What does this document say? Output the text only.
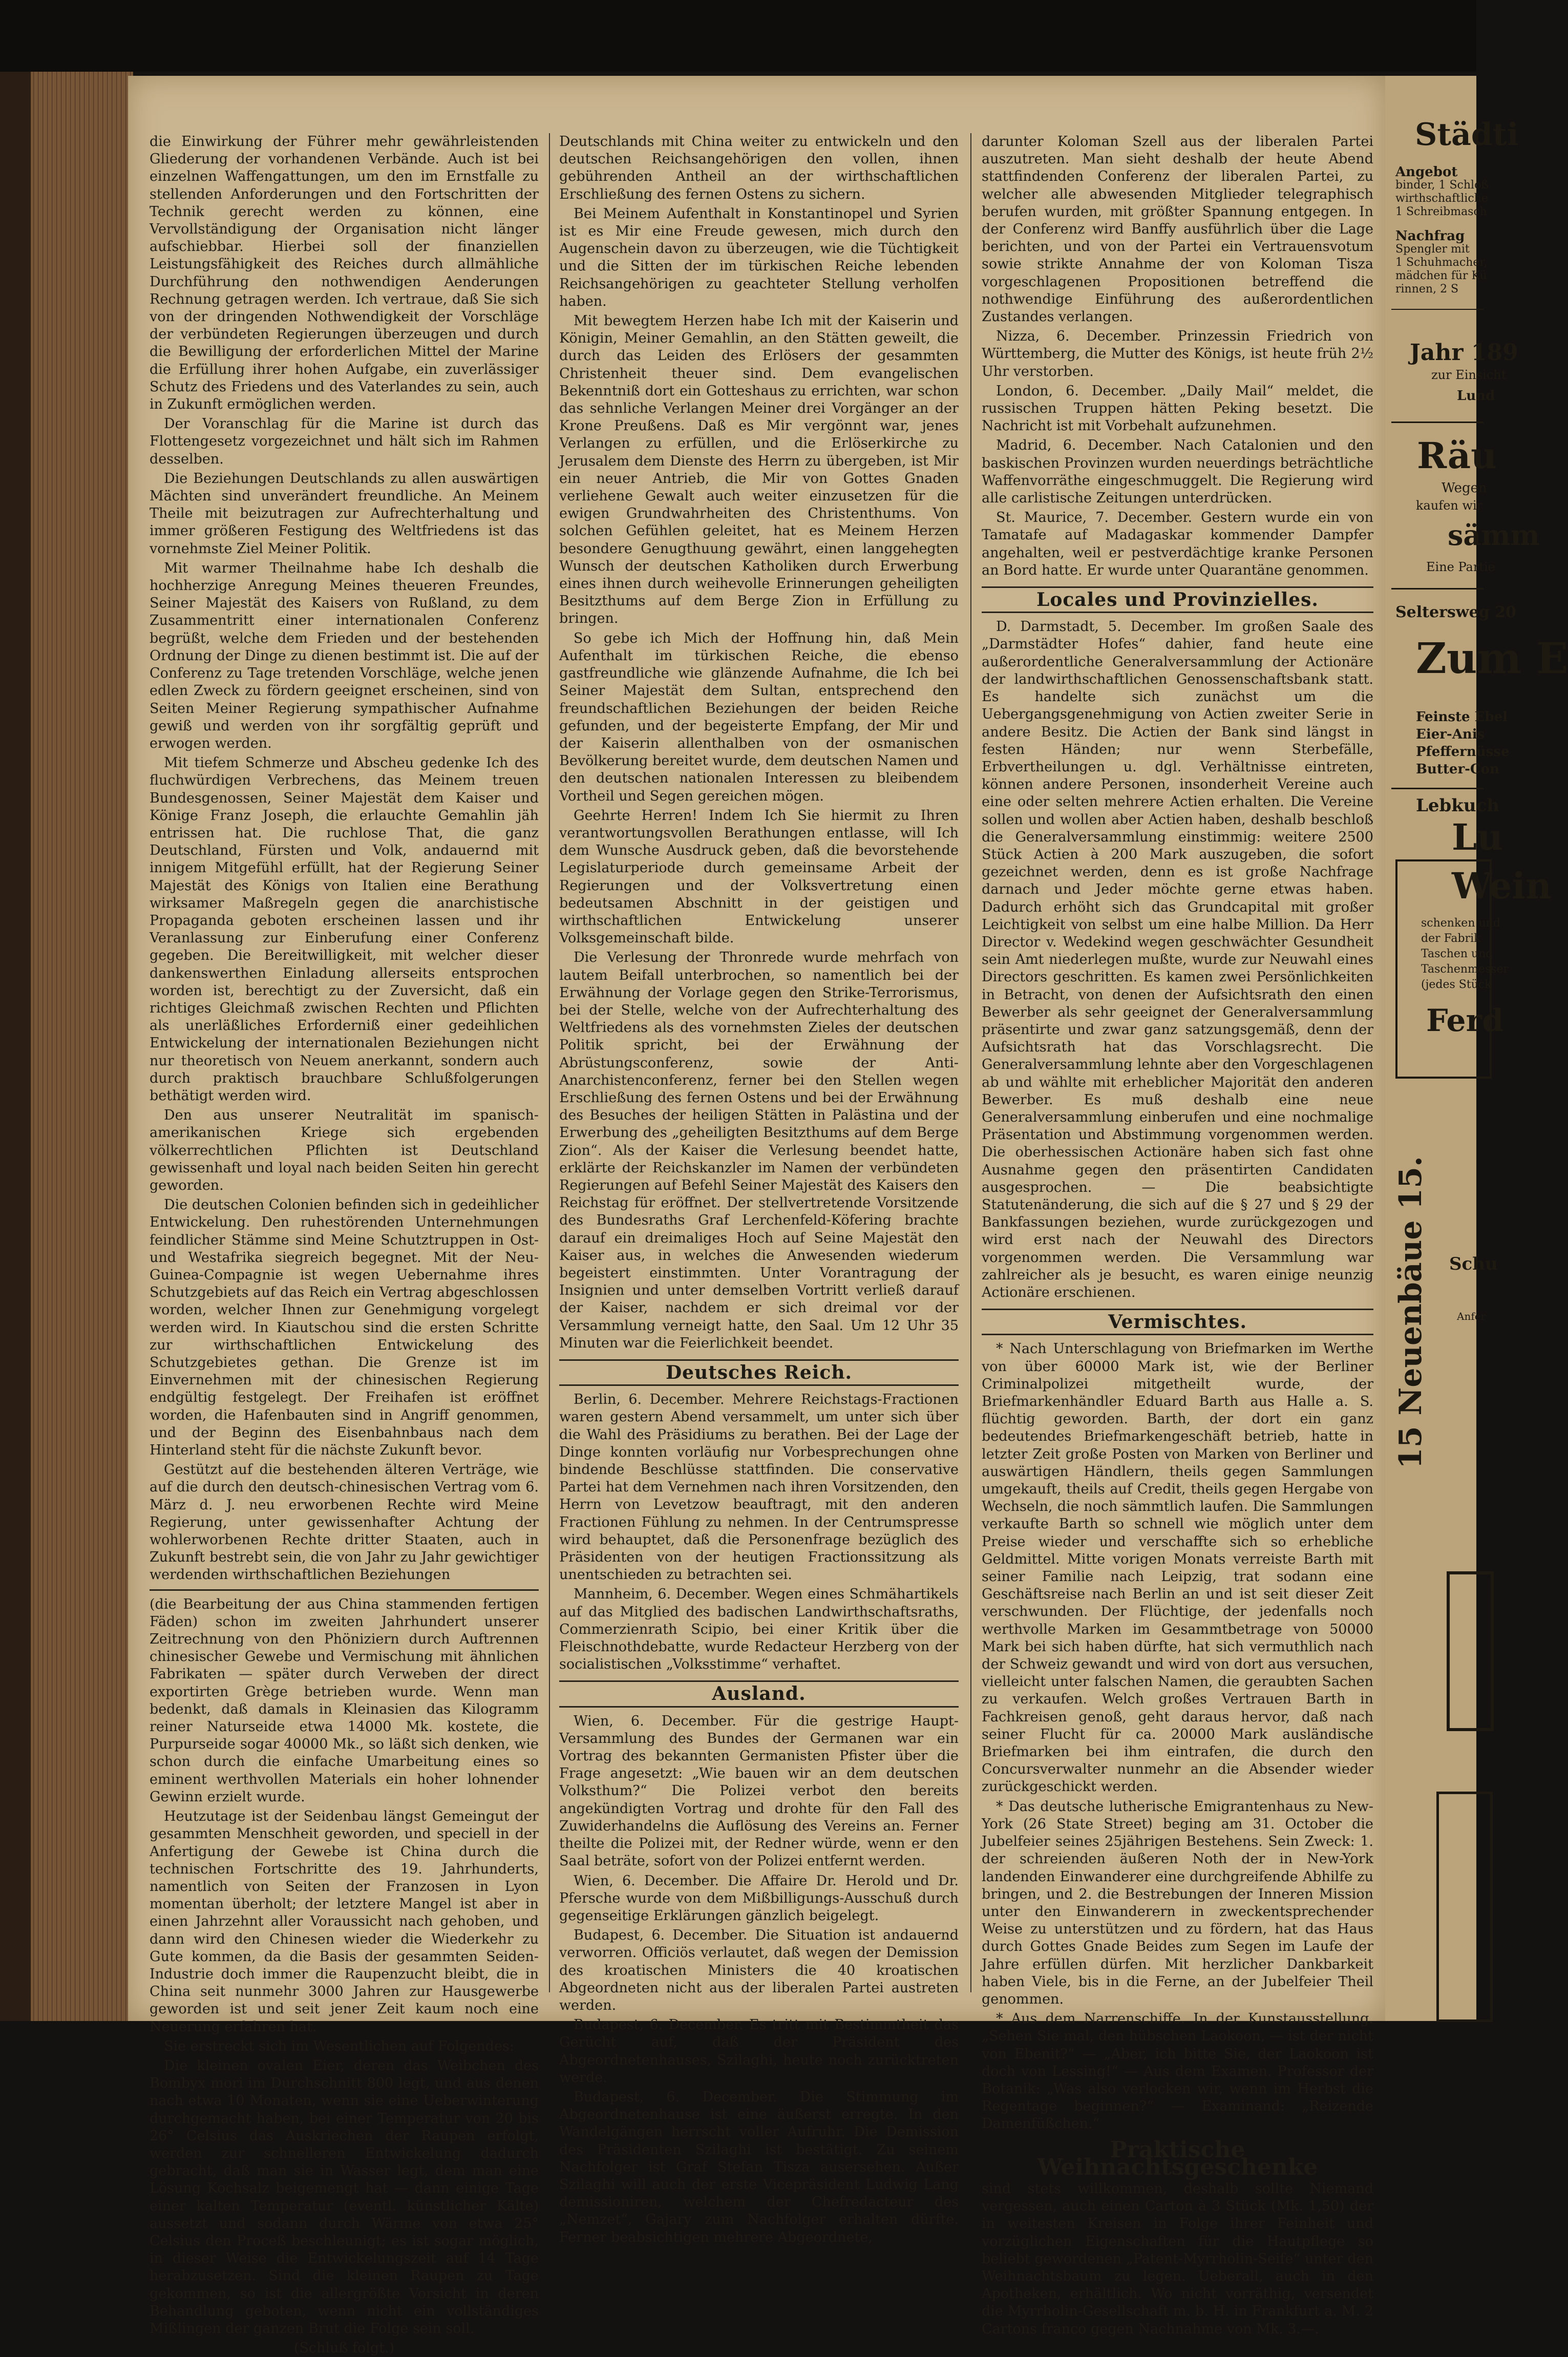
die Einwirkung der Führer mehr gewährleistenden Gliederung der vorhandenen Verbände. Auch ist bei einzelnen Waffengattungen, um den im Ernstfalle zu stellenden Anforderungen und den Fortschritten der Technik gerecht werden zu können, eine Vervollständigung der Organisation nicht länger aufschiebbar. Hierbei soll der finanziellen Leistungsfähigkeit des Reiches durch allmähliche Durchführung den nothwendigen Aenderungen Rechnung getragen werden. Ich vertraue, daß Sie sich von der dringenden Nothwendigkeit der Vorschläge der verbündeten Regierungen überzeugen und durch die Bewilligung der erforderlichen Mittel der Marine die Erfüllung ihrer hohen Aufgabe, ein zuverlässiger Schutz des Friedens und des Vaterlandes zu sein, auch in Zukunft ermöglichen werden.

Der Voranschlag für die Marine ist durch das Flottengesetz vorgezeichnet und hält sich im Rahmen desselben.

Die Beziehungen Deutschlands zu allen auswärtigen Mächten sind unverändert freundliche. An Meinem Theile mit beizutragen zur Aufrechterhaltung und immer größeren Festigung des Weltfriedens ist das vornehmste Ziel Meiner Politik.

Mit warmer Theilnahme habe Ich deshalb die hochherzige Anregung Meines theueren Freundes, Seiner Majestät des Kaisers von Rußland, zu dem Zusammentritt einer internationalen Conferenz begrüßt, welche dem Frieden und der bestehenden Ordnung der Dinge zu dienen bestimmt ist. Die auf der Conferenz zu Tage tretenden Vorschläge, welche jenen edlen Zweck zu fördern geeignet erscheinen, sind von Seiten Meiner Regierung sympathischer Aufnahme gewiß und werden von ihr sorgfältig geprüft und erwogen werden.

Mit tiefem Schmerze und Abscheu gedenke Ich des fluchwürdigen Verbrechens, das Meinem treuen Bundesgenossen, Seiner Majestät dem Kaiser und Könige Franz Joseph, die erlauchte Gemahlin jäh entrissen hat. Die ruchlose That, die ganz Deutschland, Fürsten und Volk, andauernd mit innigem Mitgefühl erfüllt, hat der Regierung Seiner Majestät des Königs von Italien eine Berathung wirksamer Maßregeln gegen die anarchistische Propaganda geboten erscheinen lassen und ihr Veranlassung zur Einberufung einer Conferenz gegeben. Die Bereitwilligkeit, mit welcher dieser dankenswerthen Einladung allerseits entsprochen worden ist, berechtigt zu der Zuversicht, daß ein richtiges Gleichmaß zwischen Rechten und Pflichten als unerläßliches Erforderniß einer gedeihlichen Entwickelung der internationalen Beziehungen nicht nur theoretisch von Neuem anerkannt, sondern auch durch praktisch brauchbare Schlußfolgerungen bethätigt werden wird.

Den aus unserer Neutralität im spanisch-amerikanischen Kriege sich ergebenden völkerrechtlichen Pflichten ist Deutschland gewissenhaft und loyal nach beiden Seiten hin gerecht geworden.

Die deutschen Colonien befinden sich in gedeihlicher Entwickelung. Den ruhestörenden Unternehmungen feindlicher Stämme sind Meine Schutztruppen in Ost- und Westafrika siegreich begegnet. Mit der Neu-Guinea-Compagnie ist wegen Uebernahme ihres Schutzgebiets auf das Reich ein Vertrag abgeschlossen worden, welcher Ihnen zur Genehmigung vorgelegt werden wird. In Kiautschou sind die ersten Schritte zur wirthschaftlichen Entwickelung des Schutzgebietes gethan. Die Grenze ist im Einvernehmen mit der chinesischen Regierung endgültig festgelegt. Der Freihafen ist eröffnet worden, die Hafenbauten sind in Angriff genommen, und der Beginn des Eisenbahnbaus nach dem Hinterland steht für die nächste Zukunft bevor.

Gestützt auf die bestehenden älteren Verträge, wie auf die durch den deutsch-chinesischen Vertrag vom 6. März d. J. neu erworbenen Rechte wird Meine Regierung, unter gewissenhafter Achtung der wohlerworbenen Rechte dritter Staaten, auch in Zukunft bestrebt sein, die von Jahr zu Jahr gewichtiger werdenden wirthschaftlichen Beziehungen

(die Bearbeitung der aus China stammenden fertigen Fäden) schon im zweiten Jahrhundert unserer Zeitrechnung von den Phöniziern durch Auftrennen chinesischer Gewebe und Vermischung mit ähnlichen Fabrikaten — später durch Verweben der direct exportirten Grège betrieben wurde. Wenn man bedenkt, daß damals in Kleinasien das Kilogramm reiner Naturseide etwa 14000 Mk. kostete, die Purpurseide sogar 40000 Mk., so läßt sich denken, wie schon durch die einfache Umarbeitung eines so eminent werthvollen Materials ein hoher lohnender Gewinn erzielt wurde.

Heutzutage ist der Seidenbau längst Gemeingut der gesammten Menschheit geworden, und speciell in der Anfertigung der Gewebe ist China durch die technischen Fortschritte des 19. Jahrhunderts, namentlich von Seiten der Franzosen in Lyon momentan überholt; der letztere Mangel ist aber in einen Jahrzehnt aller Voraussicht nach gehoben, und dann wird den Chinesen wieder die Wiederkehr zu Gute kommen, da die Basis der gesammten Seiden-Industrie doch immer die Raupenzucht bleibt, die in China seit nunmehr 3000 Jahren zur Hausgewerbe geworden ist und seit jener Zeit kaum noch eine Neuerung erfahren hat.

Sie erstreckt sich im Wesentlichen auf Folgendes:

Die kleinen ovalen Eier, deren das Weibchen des Bombyx mori im Durchschnitt 800 legt, und aus denen nach etwa 10 Monaten, wenn sie eine Ueberwinterung durchgemacht haben, bei einer Temperatur von 20 bis 26° Celsius das Auskriechen der Raupen erfolgt, werden zur schnelleren Entwickelung dadurch gebracht, daß man sie in Wasser legt, dem man eine Lösung Kochsalz beigemengt hat — dann einige Tage einer kalten Temperatur (eventl. künstlicher Kälte) aussetzt und sodann durch Wärme von etwa 25° Celsius den Proceß beschleunigt; es ist sogar möglich, in dieser Weise die Entwickelungszeit auf 14 Tage herabzusetzen. Sind die kleinen Raupen zu Tage gekommen, so ist die allergrößte Vorsicht in deren Behandlung geboten, wenn nicht ein vollständiges Mißlingen der ganzen Brut die Folge sein soll.

(Schluß folgt.)

Deutschlands mit China weiter zu entwickeln und den deutschen Reichsangehörigen den vollen, ihnen gebührenden Antheil an der wirthschaftlichen Erschließung des fernen Ostens zu sichern.

Bei Meinem Aufenthalt in Konstantinopel und Syrien ist es Mir eine Freude gewesen, mich durch den Augenschein davon zu überzeugen, wie die Tüchtigkeit und die Sitten der im türkischen Reiche lebenden Reichsangehörigen zu geachteter Stellung verholfen haben.

Mit bewegtem Herzen habe Ich mit der Kaiserin und Königin, Meiner Gemahlin, an den Stätten geweilt, die durch das Leiden des Erlösers der gesammten Christenheit theuer sind. Dem evangelischen Bekenntniß dort ein Gotteshaus zu errichten, war schon das sehnliche Verlangen Meiner drei Vorgänger an der Krone Preußens. Daß es Mir vergönnt war, jenes Verlangen zu erfüllen, und die Erlöserkirche zu Jerusalem dem Dienste des Herrn zu übergeben, ist Mir ein neuer Antrieb, die Mir von Gottes Gnaden verliehene Gewalt auch weiter einzusetzen für die ewigen Grundwahrheiten des Christenthums. Von solchen Gefühlen geleitet, hat es Meinem Herzen besondere Genugthuung gewährt, einen langgehegten Wunsch der deutschen Katholiken durch Erwerbung eines ihnen durch weihevolle Erinnerungen geheiligten Besitzthums auf dem Berge Zion in Erfüllung zu bringen.

So gebe ich Mich der Hoffnung hin, daß Mein Aufenthalt im türkischen Reiche, die ebenso gastfreundliche wie glänzende Aufnahme, die Ich bei Seiner Majestät dem Sultan, entsprechend den freundschaftlichen Beziehungen der beiden Reiche gefunden, und der begeisterte Empfang, der Mir und der Kaiserin allenthalben von der osmanischen Bevölkerung bereitet wurde, dem deutschen Namen und den deutschen nationalen Interessen zu bleibendem Vortheil und Segen gereichen mögen.

Geehrte Herren! Indem Ich Sie hiermit zu Ihren verantwortungsvollen Berathungen entlasse, will Ich dem Wunsche Ausdruck geben, daß die bevorstehende Legislaturperiode durch gemeinsame Arbeit der Regierungen und der Volksvertretung einen bedeutsamen Abschnitt in der geistigen und wirthschaftlichen Entwickelung unserer Volksgemeinschaft bilde.

Die Verlesung der Thronrede wurde mehrfach von lautem Beifall unterbrochen, so namentlich bei der Erwähnung der Vorlage gegen den Strike-Terrorismus, bei der Stelle, welche von der Aufrechterhaltung des Weltfriedens als des vornehmsten Zieles der deutschen Politik spricht, bei der Erwähnung der Abrüstungsconferenz, sowie der Anti-Anarchistenconferenz, ferner bei den Stellen wegen Erschließung des fernen Ostens und bei der Erwähnung des Besuches der heiligen Stätten in Palästina und der Erwerbung des „geheiligten Besitzthums auf dem Berge Zion“. Als der Kaiser die Verlesung beendet hatte, erklärte der Reichskanzler im Namen der verbündeten Regierungen auf Befehl Seiner Majestät des Kaisers den Reichstag für eröffnet. Der stellvertretende Vorsitzende des Bundesraths Graf Lerchenfeld-Köfering brachte darauf ein dreimaliges Hoch auf Seine Majestät den Kaiser aus, in welches die Anwesenden wiederum begeistert einstimmten. Unter Vorantragung der Insignien und unter demselben Vortritt verließ darauf der Kaiser, nachdem er sich dreimal vor der Versammlung verneigt hatte, den Saal. Um 12 Uhr 35 Minuten war die Feierlichkeit beendet.

Deutsches Reich.

Berlin, 6. December. Mehrere Reichstags-Fractionen waren gestern Abend versammelt, um unter sich über die Wahl des Präsidiums zu berathen. Bei der Lage der Dinge konnten vorläufig nur Vorbesprechungen ohne bindende Beschlüsse stattfinden. Die conservative Partei hat dem Vernehmen nach ihren Vorsitzenden, den Herrn von Levetzow beauftragt, mit den anderen Fractionen Fühlung zu nehmen. In der Centrumspresse wird behauptet, daß die Personenfrage bezüglich des Präsidenten von der heutigen Fractionssitzung als unentschieden zu betrachten sei.

Mannheim, 6. December. Wegen eines Schmähartikels auf das Mitglied des badischen Landwirthschaftsraths, Commerzienrath Scipio, bei einer Kritik über die Fleischnothdebatte, wurde Redacteur Herzberg von der socialistischen „Volksstimme“ verhaftet.

Ausland.

Wien, 6. December. Für die gestrige Haupt-Versammlung des Bundes der Germanen war ein Vortrag des bekannten Germanisten Pfister über die Frage angesetzt: „Wie bauen wir an dem deutschen Volksthum?“ Die Polizei verbot den bereits angekündigten Vortrag und drohte für den Fall des Zuwiderhandelns die Auflösung des Vereins an. Ferner theilte die Polizei mit, der Redner würde, wenn er den Saal beträte, sofort von der Polizei entfernt werden.

Wien, 6. December. Die Affaire Dr. Herold und Dr. Pfersche wurde von dem Mißbilligungs-Ausschuß durch gegenseitige Erklärungen gänzlich beigelegt.

Budapest, 6. December. Die Situation ist andauernd verworren. Officiös verlautet, daß wegen der Demission des kroatischen Ministers die 40 kroatischen Abgeordneten nicht aus der liberalen Partei austreten werden.

Budapest, 6. December. Es tritt mit Bestimmtheit das Gerücht auf, daß der Präsident des Abgeordnetenhauses, Szilaghi, heute noch zurücktreten werde.

Budapest, 6. December. Die Stimmung im Abgeordnetenhause ist eine äußerst erregte. In den Wandelgängen herrscht voller Aufruhr. Die Demission des Präsidenten Szilaghi ist bestätigt. Zu seinem Nachfolger ist Graf Stefan Tisza ausersehen. Außer Szilaghi will auch der erste Vicepräsident Ludwig Lang demissioniren, welchem der Chefredacteur des „Nemzet“, Gajary zum Nachfolger erhalten dürfte. Ferner beabsichtigen mehrere Abgeordnete,

darunter Koloman Szell aus der liberalen Partei auszutreten. Man sieht deshalb der heute Abend stattfindenden Conferenz der liberalen Partei, zu welcher alle abwesenden Mitglieder telegraphisch berufen wurden, mit größter Spannung entgegen. In der Conferenz wird Banffy ausführlich über die Lage berichten, und von der Partei ein Vertrauensvotum sowie strikte Annahme der von Koloman Tisza vorgeschlagenen Propositionen betreffend die nothwendige Einführung des außerordentlichen Zustandes verlangen.

Nizza, 6. December. Prinzessin Friedrich von Württemberg, die Mutter des Königs, ist heute früh 2½ Uhr verstorben.

London, 6. December. „Daily Mail“ meldet, die russischen Truppen hätten Peking besetzt. Die Nachricht ist mit Vorbehalt aufzunehmen.

Madrid, 6. December. Nach Catalonien und den baskischen Provinzen wurden neuerdings beträchtliche Waffenvorräthe eingeschmuggelt. Die Regierung wird alle carlistische Zeitungen unterdrücken.

St. Maurice, 7. December. Gestern wurde ein von Tamatafe auf Madagaskar kommender Dampfer angehalten, weil er pestverdächtige kranke Personen an Bord hatte. Er wurde unter Quarantäne genommen.

Locales und Provinzielles.

D. Darmstadt, 5. December. Im großen Saale des „Darmstädter Hofes“ dahier, fand heute eine außerordentliche Generalversammlung der Actionäre der landwirthschaftlichen Genossenschaftsbank statt. Es handelte sich zunächst um die Uebergangsgenehmigung von Actien zweiter Serie in andere Besitz. Die Actien der Bank sind längst in festen Händen; nur wenn Sterbefälle, Erbvertheilungen u. dgl. Verhältnisse eintreten, können andere Personen, insonderheit Vereine auch eine oder selten mehrere Actien erhalten. Die Vereine sollen und wollen aber Actien haben, deshalb beschloß die Generalversammlung einstimmig: weitere 2500 Stück Actien à 200 Mark auszugeben, die sofort gezeichnet werden, denn es ist große Nachfrage darnach und Jeder möchte gerne etwas haben. Dadurch erhöht sich das Grundcapital mit großer Leichtigkeit von selbst um eine halbe Million. Da Herr Director v. Wedekind wegen geschwächter Gesundheit sein Amt niederlegen mußte, wurde zur Neuwahl eines Directors geschritten. Es kamen zwei Persönlichkeiten in Betracht, von denen der Aufsichtsrath den einen Bewerber als sehr geeignet der Generalversammlung präsentirte und zwar ganz satzungsgemäß, denn der Aufsichtsrath hat das Vorschlagsrecht. Die Generalversammlung lehnte aber den Vorgeschlagenen ab und wählte mit erheblicher Majorität den anderen Bewerber. Es muß deshalb eine neue Generalversammlung einberufen und eine nochmalige Präsentation und Abstimmung vorgenommen werden. Die oberhessischen Actionäre haben sich fast ohne Ausnahme gegen den präsentirten Candidaten ausgesprochen. — Die beabsichtigte Statutenänderung, die sich auf die § 27 und § 29 der Bankfassungen beziehen, wurde zurückgezogen und wird erst nach der Neuwahl des Directors vorgenommen werden. Die Versammlung war zahlreicher als je besucht, es waren einige neunzig Actionäre erschienen.

Vermischtes.

* Nach Unterschlagung von Briefmarken im Werthe von über 60000 Mark ist, wie der Berliner Criminalpolizei mitgetheilt wurde, der Briefmarkenhändler Eduard Barth aus Halle a. S. flüchtig geworden. Barth, der dort ein ganz bedeutendes Briefmarkengeschäft betrieb, hatte in letzter Zeit große Posten von Marken von Berliner und auswärtigen Händlern, theils gegen Sammlungen umgekauft, theils auf Credit, theils gegen Hergabe von Wechseln, die noch sämmtlich laufen. Die Sammlungen verkaufte Barth so schnell wie möglich unter dem Preise wieder und verschaffte sich so erhebliche Geldmittel. Mitte vorigen Monats verreiste Barth mit seiner Familie nach Leipzig, trat sodann eine Geschäftsreise nach Berlin an und ist seit dieser Zeit verschwunden. Der Flüchtige, der jedenfalls noch werthvolle Marken im Gesammtbetrage von 50000 Mark bei sich haben dürfte, hat sich vermuthlich nach der Schweiz gewandt und wird von dort aus versuchen, vielleicht unter falschen Namen, die geraubten Sachen zu verkaufen. Welch großes Vertrauen Barth in Fachkreisen genoß, geht daraus hervor, daß nach seiner Flucht für ca. 20000 Mark ausländische Briefmarken bei ihm eintrafen, die durch den Concursverwalter nunmehr an die Absender wieder zurückgeschickt werden.

* Das deutsche lutherische Emigrantenhaus zu New-York (26 State Street) beging am 31. October die Jubelfeier seines 25jährigen Bestehens. Sein Zweck: 1. der schreienden äußeren Noth der in New-York landenden Einwanderer eine durchgreifende Abhilfe zu bringen, und 2. die Bestrebungen der Inneren Mission unter den Einwanderern in zweckentsprechender Weise zu unterstützen und zu fördern, hat das Haus durch Gottes Gnade Beides zum Segen im Laufe der Jahre erfüllen dürfen. Mit herzlicher Dankbarkeit haben Viele, bis in die Ferne, an der Jubelfeier Theil genommen.

* Aus dem Narrenschiffe. In der Kunstausstellung. „Sehen Sie mal, den hübschen Laokoon, — ist der nicht von Ebenit?“ — „Aber, ich bitte Sie, der Laokoon ist doch von Lessing!“ — Aus dem Examen. Professor der Botanik: „Was also verlocken wir, wenn im Herbst die Regentage beginnen?“ — Examinand: „Reizende Damenfüßchen.“

Praktische Weihnachtsgeschenke

sind stets willkommen, deshalb sollte Niemand vergessen, auch einen Carton à 3 Stück (Mk. 1,50) der in weitesten Kreisen in Folge ihrer Feinheit und vorzüglichen Eigenschaften für die Hautpflege so beliebt gewordenen „Patent-Myrrholin-Seife“ unter den Weihnachtsbaum zu legen. Ueberall, auch in den Apotheken, erhältlich. Wo nicht vorräthig, versendet die Myrrholin-Gesellschaft m. b. H. in Frankfurt a. M. 2 Cartons franco gegen Nachnahme von Mk. 3.—.

Städti
Angebot
binder, 1 Schloß
wirthschaftliche
1 Schreibmasch
Nachfrag
Spengler mit
1 Schuhmacher,
mädchen für Kü
rinnen, 2 S
Jahr 189
zur Einsicht
Lund
Räu
Wegen
kaufen wir
sämm
Eine Partie
Seltersweg 20
Zum E
Feinste Ebel
Eier-Anis
Pfeffernüsse
Butter-Con
Lebkuch
Lu
Wein
schenken und
der Fabrik
Taschen und
Taschenmesser
(jedes Stück
Ferd
15 Neuenbäue 15. Schu
Anfer
